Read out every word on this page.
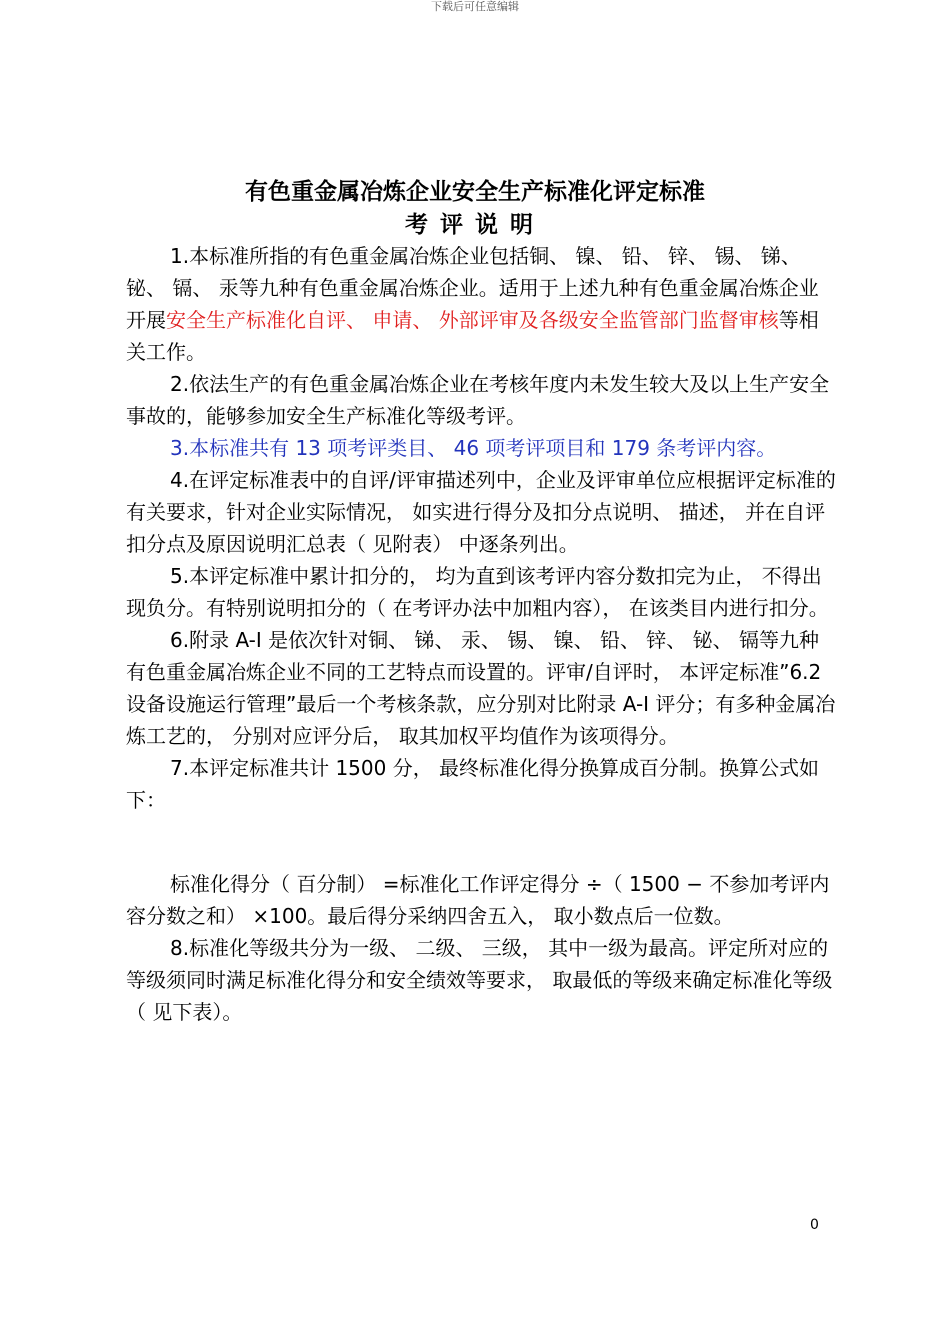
下载后可任意编辑
有色重金属冶炼企业安全生产标准化评定标准
考评说明

1.本标准所指的有色重金属冶炼企业包括铜、 镍、 铅、 锌、 锡、 锑、 铋、 镉、 汞等九种有色重金属冶炼企业。适用于上述九种有色重金属冶炼企业开展安全生产标准化自评、 申请、 外部评审及各级安全监管部门监督审核等相关工作。

2.依法生产的有色重金属冶炼企业在考核年度内未发生较大及以上生产安全事故的，能够参加安全生产标准化等级考评。

3.本标准共有 13 项考评类目、 46 项考评项目和 179 条考评内容。

4.在评定标准表中的自评/评审描述列中，企业及评审单位应根据评定标准的有关要求，针对企业实际情况， 如实进行得分及扣分点说明、 描述， 并在自评扣分点及原因说明汇总表（ 见附表） 中逐条列出。

5.本评定标准中累计扣分的， 均为直到该考评内容分数扣完为止， 不得出现负分。有特别说明扣分的（ 在考评办法中加粗内容）， 在该类目内进行扣分。

6.附录 A-I 是依次针对铜、 锑、 汞、 锡、 镍、 铅、 锌、 铋、 镉等九种有色重金属冶炼企业不同的工艺特点而设置的。评审/自评时， 本评定标准”6.2 设备设施运行管理”最后一个考核条款，应分别对比附录 A-I 评分；有多种金属冶炼工艺的， 分别对应评分后， 取其加权平均值作为该项得分。

7.本评定标准共计 1500 分， 最终标准化得分换算成百分制。换算公式如下：

标准化得分（ 百分制） =标准化工作评定得分 ÷（ 1500 − 不参加考评内容分数之和） ×100。最后得分采纳四舍五入， 取小数点后一位数。

8.标准化等级共分为一级、 二级、 三级， 其中一级为最高。评定所对应的等级须同时满足标准化得分和安全绩效等要求， 取最低的等级来确定标准化等级（ 见下表）。

0
